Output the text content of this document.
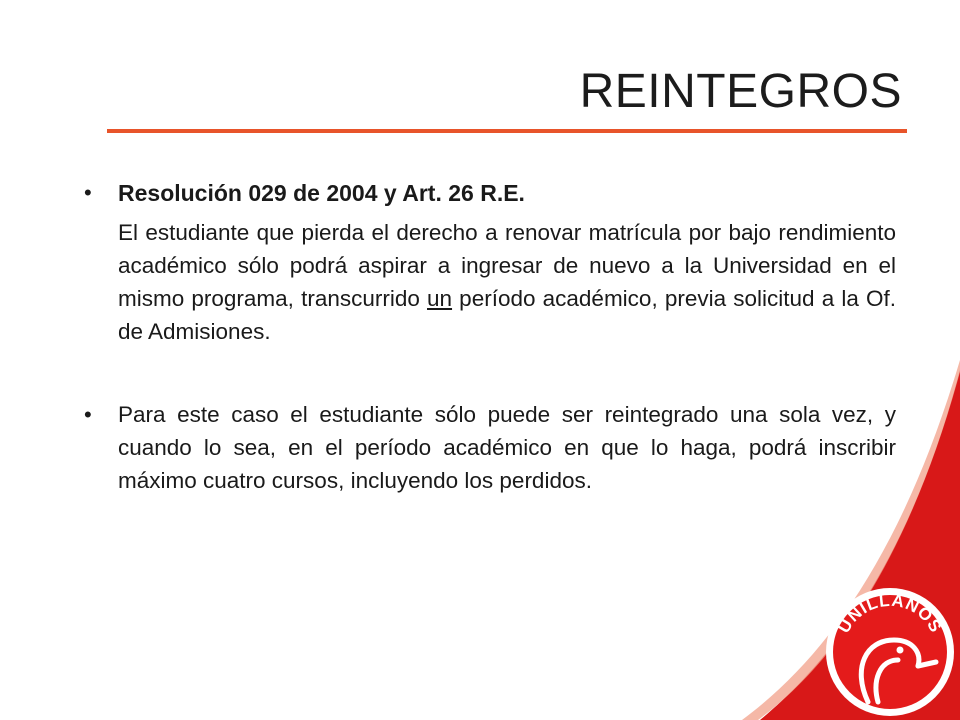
REINTEGROS
• Resolución 029 de 2004 y Art. 26 R.E.
El estudiante que pierda el derecho a renovar matrícula por bajo rendimiento académico sólo podrá aspirar a ingresar de nuevo a la Universidad en el mismo programa, transcurrido un período académico, previa solicitud a la Of. de Admisiones.
• Para este caso el estudiante sólo puede ser reintegrado una sola vez, y cuando lo sea, en el período académico en que lo haga, podrá inscribir máximo cuatro cursos, incluyendo los perdidos.
UNILLANOS
